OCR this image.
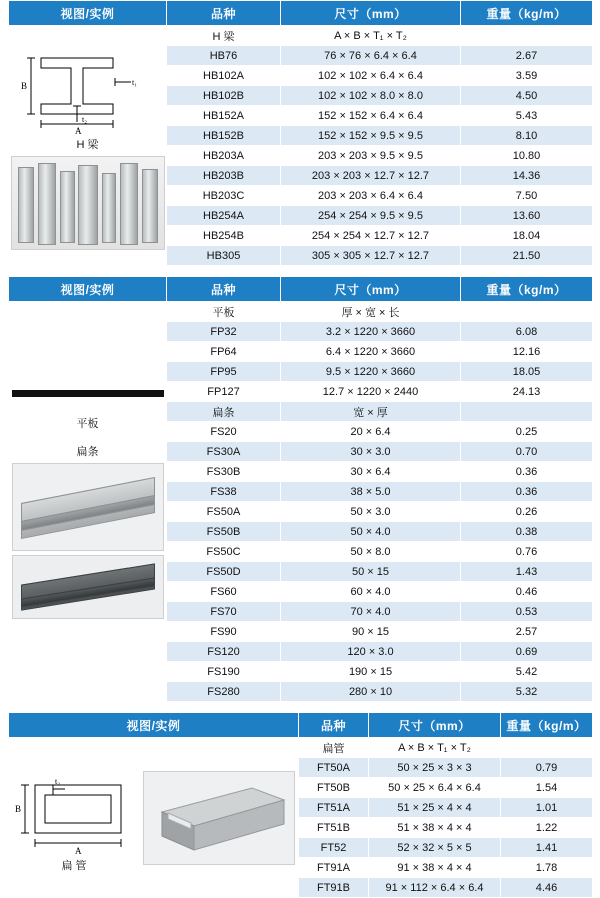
视图/实例	品种	尺寸（mm）	重量（kg/m）

B
A
t₁
t₂
H 梁	H 梁	A × B × T₁ × T₂	
	HB76	76 × 76 × 6.4 × 6.4	2.67
	HB102A	102 × 102 × 6.4 × 6.4	3.59
	HB102B	102 × 102 × 8.0 × 8.0	4.50
	HB152A	152 × 152 × 6.4 × 6.4	5.43
	HB152B	152 × 152 × 9.5 × 9.5	8.10
	HB203A	203 × 203 × 9.5 × 9.5	10.80
	HB203B	203 × 203 × 12.7 × 12.7	14.36
	HB203C	203 × 203 × 6.4 × 6.4	7.50
	HB254A	254 × 254 × 9.5 × 9.5	13.60
	HB254B	254 × 254 × 12.7 × 12.7	18.04
	HB305	305 × 305 × 12.7 × 12.7	21.50
视图/实例	品种	尺寸（mm）	重量（kg/m）

平板
扁条	平板	厚 × 宽 × 长	
	FP32	3.2 × 1220 × 3660	6.08
	FP64	6.4 × 1220 × 3660	12.16
	FP95	9.5 × 1220 × 3660	18.05
	FP127	12.7 × 1220 × 2440	24.13
	扁条	宽 × 厚	
	FS20	20 × 6.4	0.25
	FS30A	30 × 3.0	0.70
	FS30B	30 × 6.4	0.36
	FS38	38 × 5.0	0.36
	FS50A	50 × 3.0	0.26
	FS50B	50 × 4.0	0.38
	FS50C	50 × 8.0	0.76
	FS50D	50 × 15	1.43
	FS60	60 × 4.0	0.46
	FS70	70 × 4.0	0.53
	FS90	90 × 15	2.57
	FS120	120 × 3.0	0.69
	FS190	190 × 15	5.42
	FS280	280 × 10	5.32
视图/实例	品种	尺寸（mm）	重量（kg/m）

B
A
t₂
扁 管	扁管	A × B × T₁ × T₂	
	FT50A	50 × 25 × 3 × 3	0.79
	FT50B	50 × 25 × 6.4 × 6.4	1.54
	FT51A	51 × 25 × 4 × 4	1.01
	FT51B	51 × 38 × 4 × 4	1.22
	FT52	52 × 32 × 5 × 5	1.41
	FT91A	91 × 38 × 4 × 4	1.78
	FT91B	91 × 112 × 6.4 × 6.4	4.46
